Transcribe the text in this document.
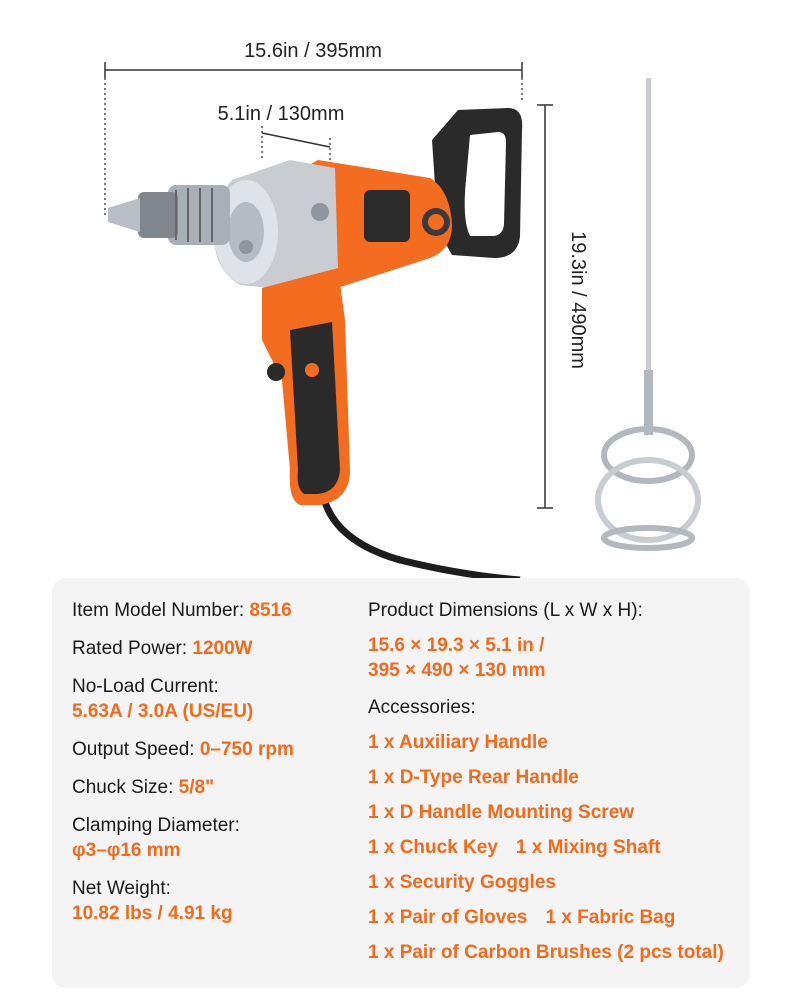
15.6in / 395mm
5.1in / 130mm
19.3in / 490mm
Item Model Number: 8516
Rated Power: 1200W
No-Load Current:
5.63A / 3.0A (US/EU)
Output Speed: 0–750 rpm
Chuck Size: 5/8"
Clamping Diameter:
φ3–φ16 mm
Net Weight:
10.82 lbs / 4.91 kg
Product Dimensions (L x W x H):
15.6 × 19.3 × 5.1 in /
395 × 490 × 130 mm
Accessories:
1 x Auxiliary Handle
1 x D-Type Rear Handle
1 x D Handle Mounting Screw
1 x Chuck Key 1 x Mixing Shaft
1 x Security Goggles
1 x Pair of Gloves 1 x Fabric Bag
1 x Pair of Carbon Brushes (2 pcs total)
